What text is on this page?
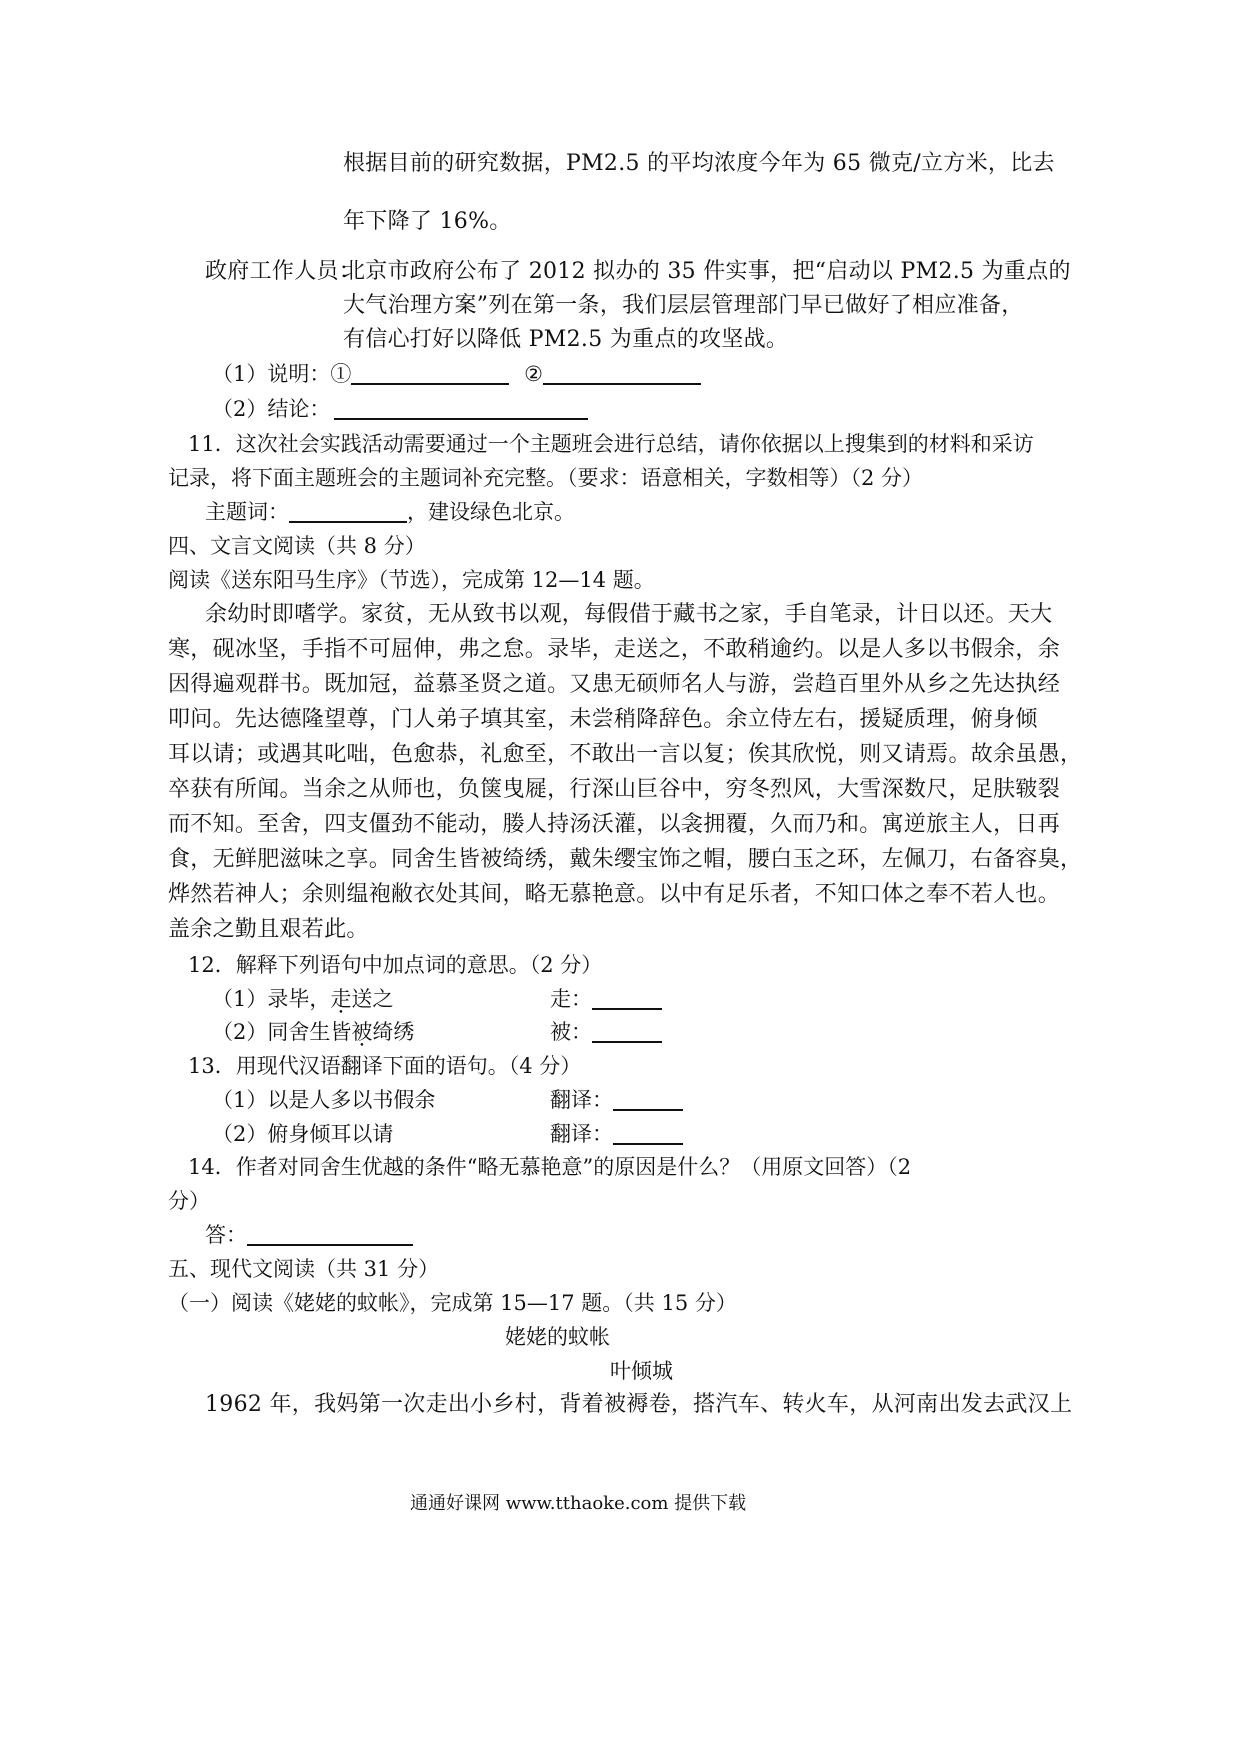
根据目前的研究数据，PM2.5 的平均浓度今年为 65 微克/立方米，比去
年下降了 16%。
政府工作人员：
北京市政府公布了 2012 拟办的 35 件实事，把“启动以 PM2.5 为重点的
大气治理方案”列在第一条，我们层层管理部门早已做好了相应准备，
有信心打好以降低 PM2.5 为重点的攻坚战。
（1）说明：①	②
（2）结论：
11．这次社会实践活动需要通过一个主题班会进行总结，请你依据以上搜集到的材料和采访
记录，将下面主题班会的主题词补充完整。（要求：语意相关，字数相等）（2 分）
主题词：	，建设绿色北京。
四、文言文阅读（共 8 分）
阅读《送东阳马生序》（节选），完成第 12—14 题。
余幼时即嗜学。家贫，无从致书以观，每假借于藏书之家，手自笔录，计日以还。天大
寒，砚冰坚，手指不可屈伸，弗之怠。录毕，走送之，不敢稍逾约。以是人多以书假余，余
因得遍观群书。既加冠，益慕圣贤之道。又患无硕师名人与游，尝趋百里外从乡之先达执经
叩问。先达德隆望尊，门人弟子填其室，未尝稍降辞色。余立侍左右，援疑质理，俯身倾
耳以请；或遇其叱咄，色愈恭，礼愈至，不敢出一言以复；俟其欣悦，则又请焉。故余虽愚，
卒获有所闻。当余之从师也，负箧曳屣，行深山巨谷中，穷冬烈风，大雪深数尺，足肤皲裂
而不知。至舍，四支僵劲不能动，媵人持汤沃灌，以衾拥覆，久而乃和。寓逆旅主人，日再
食，无鲜肥滋味之享。同舍生皆被绮绣，戴朱缨宝饰之帽，腰白玉之环，左佩刀，右备容臭，
烨然若神人；余则缊袍敝衣处其间，略无慕艳意。以中有足乐者，不知口体之奉不若人也。
盖余之勤且艰若此。
12．解释下列语句中加点词的意思。（2 分）
（1）录毕，走送之	走：
（2）同舍生皆被绮绣	被：
13．用现代汉语翻译下面的语句。（4 分）
（1）以是人多以书假余	翻译：
（2）俯身倾耳以请	翻译：
14．作者对同舍生优越的条件“略无慕艳意”的原因是什么？（用原文回答）（2
分）
答：
五、现代文阅读（共 31 分）
（一）阅读《姥姥的蚊帐》，完成第 15—17 题。（共 15 分）
姥姥的蚊帐
叶倾城
1962 年，我妈第一次走出小乡村，背着被褥卷，搭汽车、转火车，从河南出发去武汉上
通通好课网 www.tthaoke.com 提供下载
